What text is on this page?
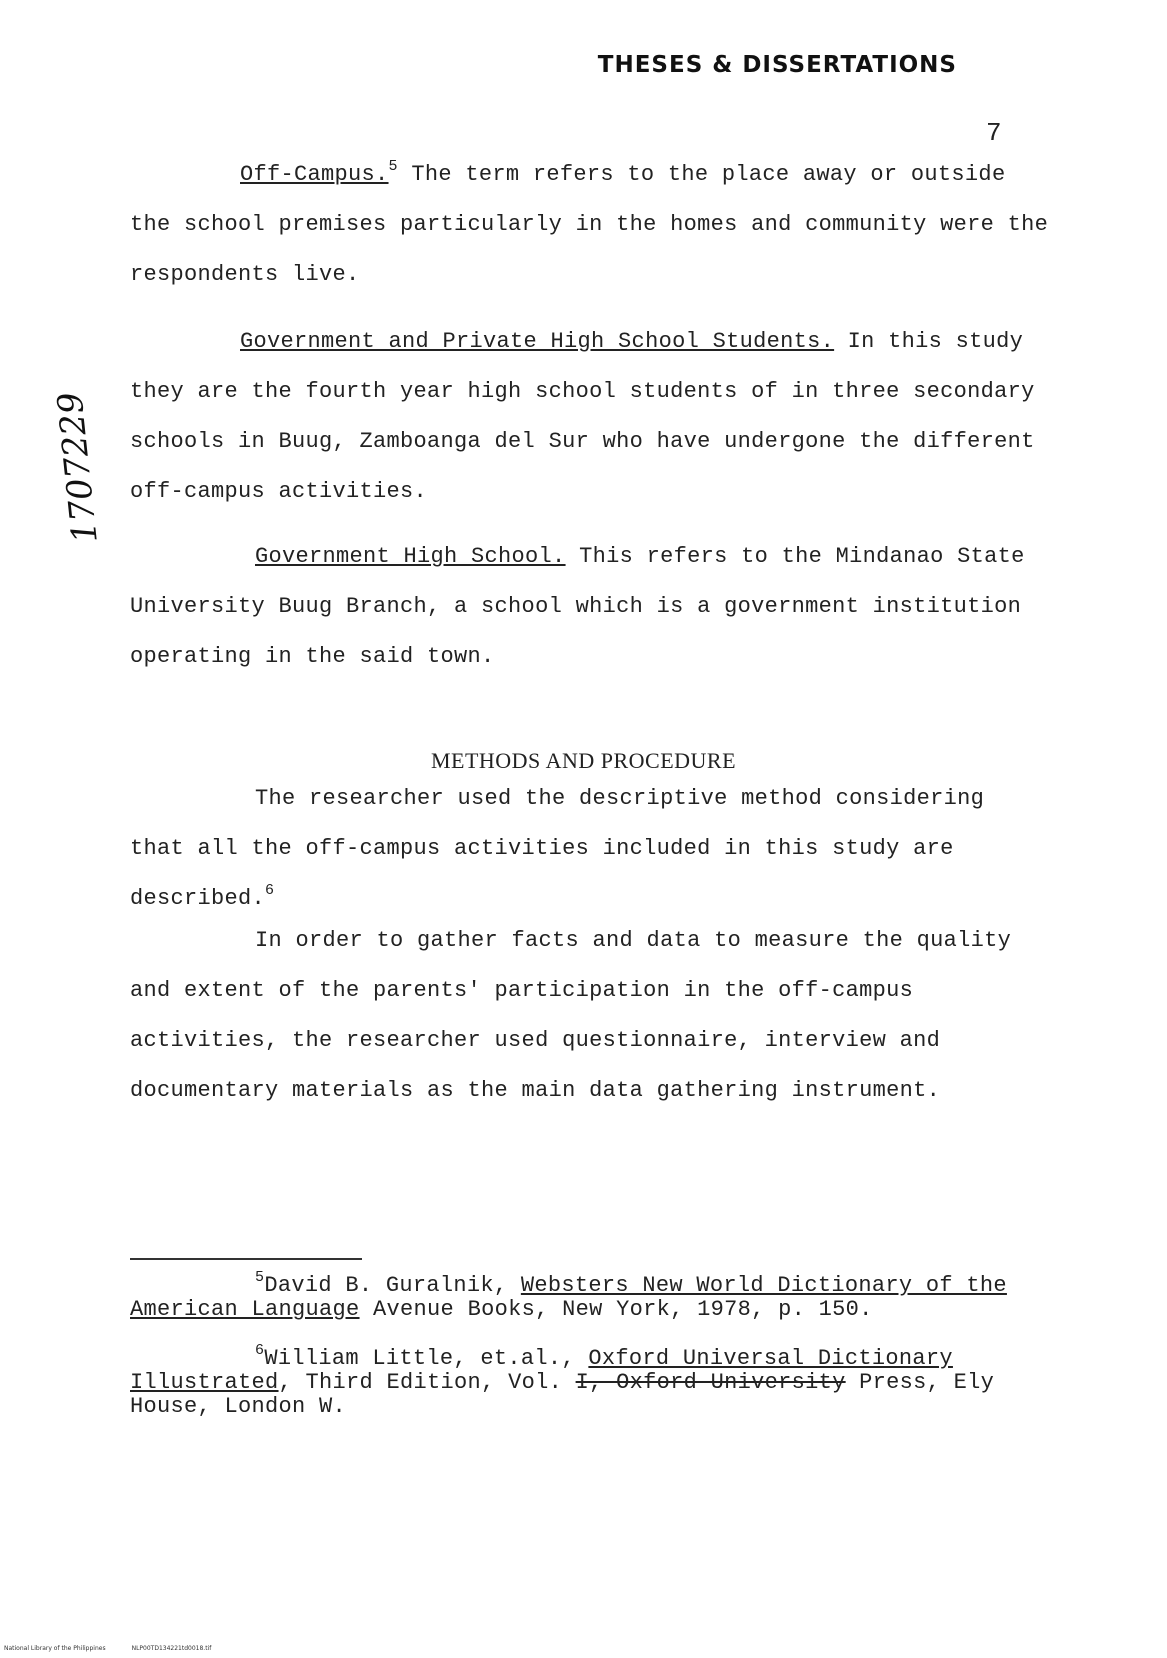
THESES & DISSERTATIONS
7
1707229
Off-Campus.$^5$ The term refers to the place away or outside the school premises particularly in the homes and community were the respondents live.
Government and Private High School Students. In this study they are the fourth year high school students of in three secondary schools in Buug, Zamboanga del Sur who have undergone the different off-campus activities.
Government High School. This refers to the Mindanao State University Buug Branch, a school which is a government institution operating in the said town.
METHODS AND PROCEDURE
The researcher used the descriptive method considering that all the off-campus activities included in this study are described.$^6$
In order to gather facts and data to measure the quality and extent of the parents' participation in the off-campus activities, the researcher used questionnaire, interview and documentary materials as the main data gathering instrument.
$^5$David B. Guralnik, Websters New World Dictionary of the American Language Avenue Books, New York, 1978, p. 150.
$^6$William Little, et.al., Oxford Universal Dictionary Illustrated, Third Edition, Vol. I, Oxford University Press, Ely House, London W.
National Library of the Philippines	NLP00TD134221td0018.tif
